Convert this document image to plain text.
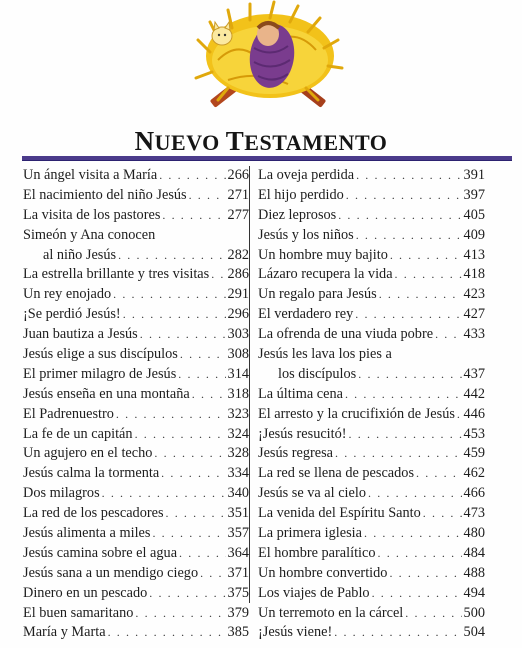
NUEVO TESTAMENTO
Un ángel visita a María . . .	266
El nacimiento del niño Jesús . . .	271
La visita de los pastores . . .	277
Simeón y Ana conocen
al niño Jesús . . .	282
La estrella brillante y tres visitas . . . 286
Un rey enojado . . .	291
¡Se perdió Jesús! . . .	296
Juan bautiza a Jesús . . .	303
Jesús elige a sus discípulos . . .	308
El primer milagro de Jesús . . .	314
Jesús enseña en una montaña . . .	318
El Padrenuestro . . .	323
La fe de un capitán . . .	324
Un agujero en el techo . . .	328
Jesús calma la tormenta . . .	334
Dos milagros . . .	340
La red de los pescadores . . .	351
Jesús alimenta a miles . . .	357
Jesús camina sobre el agua . . .	364
Jesús sana a un mendigo ciego . . . 371
Dinero en un pescado . . .	375
El buen samaritano . . .	379
María y Marta . . .	385
La oveja perdida . . .	391
El hijo perdido . . .	397
Diez leprosos . . .	405
Jesús y los niños . . .	409
Un hombre muy bajito . . .	413
Lázaro recupera la vida . . .	418
Un regalo para Jesús . . .	423
El verdadero rey . . .	427
La ofrenda de una viuda pobre . . . 433
Jesús les lava los pies a
los discípulos . . .	437
La última cena . . .	442
El arresto y la crucifixión de Jesús . . . 446
¡Jesús resucitó! . . .	453
Jesús regresa . . .	459
La red se llena de pescados . . .	462
Jesús se va al cielo . . .	466
La venida del Espíritu Santo . . .	473
La primera iglesia . . .	480
El hombre paralítico . . .	484
Un hombre convertido . . .	488
Los viajes de Pablo . . .	494
Un terremoto en la cárcel . . .	500
¡Jesús viene! . . .	504
